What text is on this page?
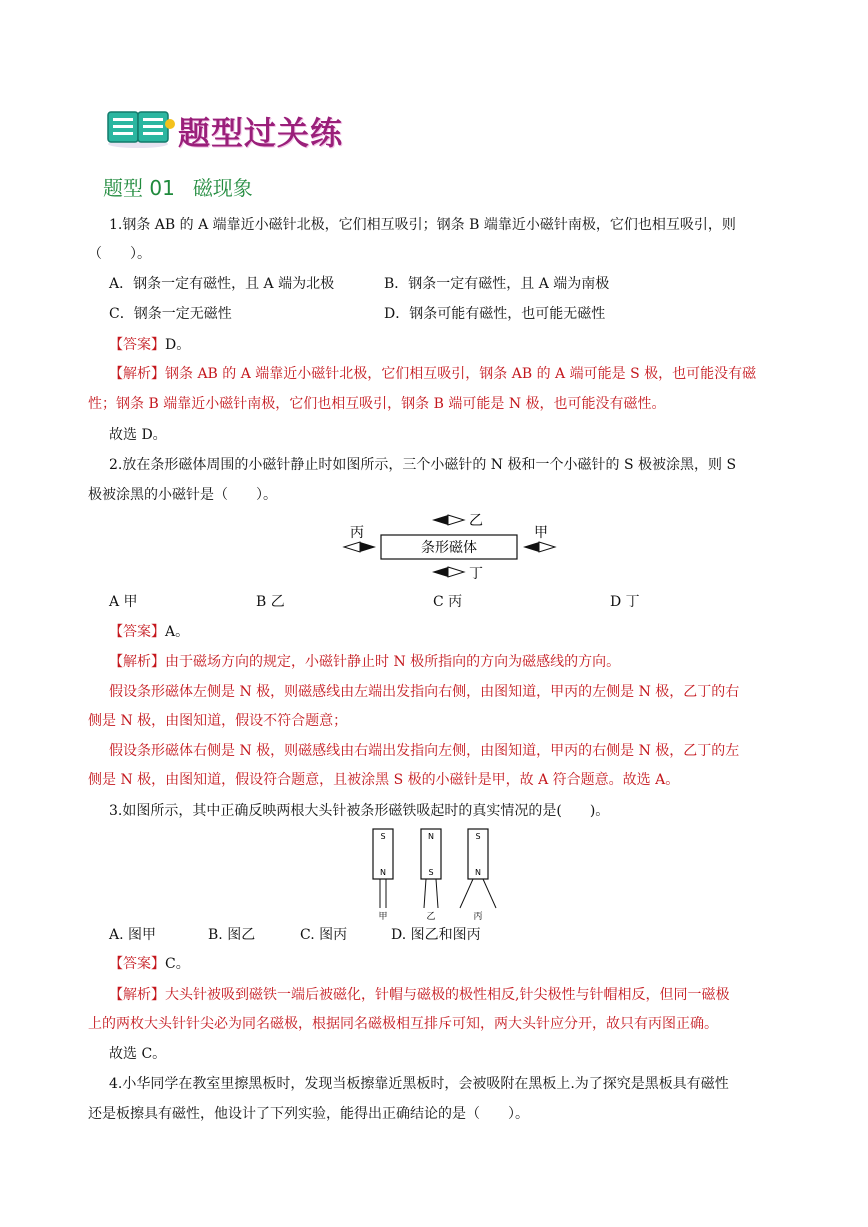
题型过关练
题型 01 磁现象
1.钢条 AB 的 A 端靠近小磁针北极，它们相互吸引；钢条 B 端靠近小磁针南极，它们也相互吸引，则
（　　）。
A．钢条一定有磁性，且 A 端为北极	B．钢条一定有磁性，且 A 端为南极
C．钢条一定无磁性	D．钢条可能有磁性，也可能无磁性
【答案】D。
【解析】钢条 AB 的 A 端靠近小磁针北极，它们相互吸引，钢条 AB 的 A 端可能是 S 极，也可能没有磁
性；钢条 B 端靠近小磁针南极，它们也相互吸引，钢条 B 端可能是 N 极，也可能没有磁性。
故选 D。
2.放在条形磁体周围的小磁针静止时如图所示，三个小磁针的 N 极和一个小磁针的 S 极被涂黑，则 S
极被涂黑的小磁针是（　　）。
条形磁体
乙
丁
丙	甲
A 甲	B 乙	C 丙	D 丁
【答案】A。
【解析】由于磁场方向的规定，小磁针静止时 N 极所指向的方向为磁感线的方向。
假设条形磁体左侧是 N 极，则磁感线由左端出发指向右侧，由图知道，甲丙的左侧是 N 极，乙丁的右
侧是 N 极，由图知道，假设不符合题意；
假设条形磁体右侧是 N 极，则磁感线由右端出发指向左侧，由图知道，甲丙的右侧是 N 极，乙丁的左
侧是 N 极，由图知道，假设符合题意，且被涂黑 S 极的小磁针是甲，故 A 符合题意。故选 A。
3.如图所示，其中正确反映两根大头针被条形磁铁吸起时的真实情况的是(　　)。
S
N
甲
N
S
乙
S
N
丙
A. 图甲	B. 图乙	C. 图丙	D. 图乙和图丙
【答案】C。
【解析】大头针被吸到磁铁一端后被磁化，针帽与磁极的极性相反,针尖极性与针帽相反，但同一磁极
上的两枚大头针针尖必为同名磁极，根据同名磁极相互排斥可知，两大头针应分开，故只有丙图正确。
故选 C。
4.小华同学在教室里擦黑板时，发现当板擦靠近黑板时，会被吸附在黑板上.为了探究是黑板具有磁性
还是板擦具有磁性，他设计了下列实验，能得出正确结论的是（　　）。
